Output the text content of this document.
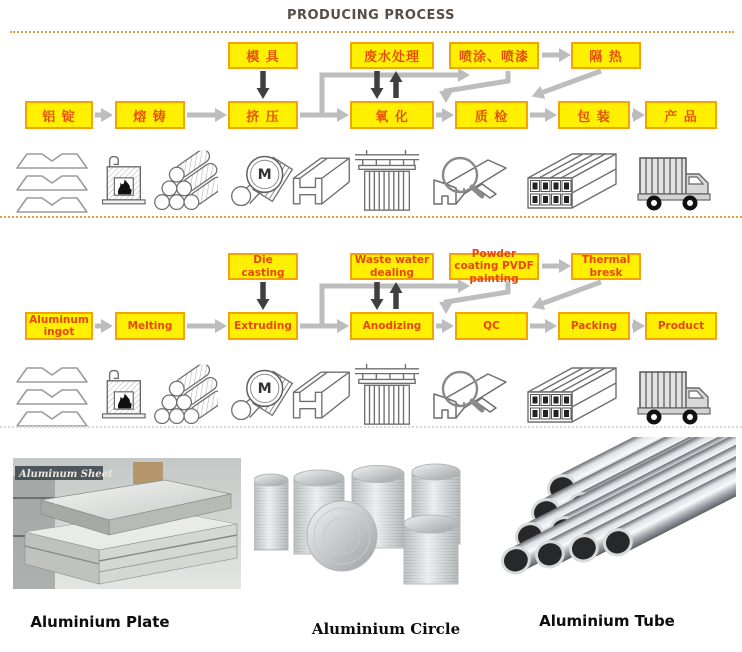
PRODUCING PROCESS
模 具	废水处理	喷涂、喷漆	隔 热
铝 锭	熔 铸	挤 压	氧 化	质 检	包 装	产 品
Die casting
Waste water dealing
Powder coating PVDF painting
Thermal bresk
Aluminum ingot
Melting	Extruding	Anodizing	QC	Packing	Product
Aluminum Sheet
Aluminium Plate	Aluminium Circle	Aluminium Tube
